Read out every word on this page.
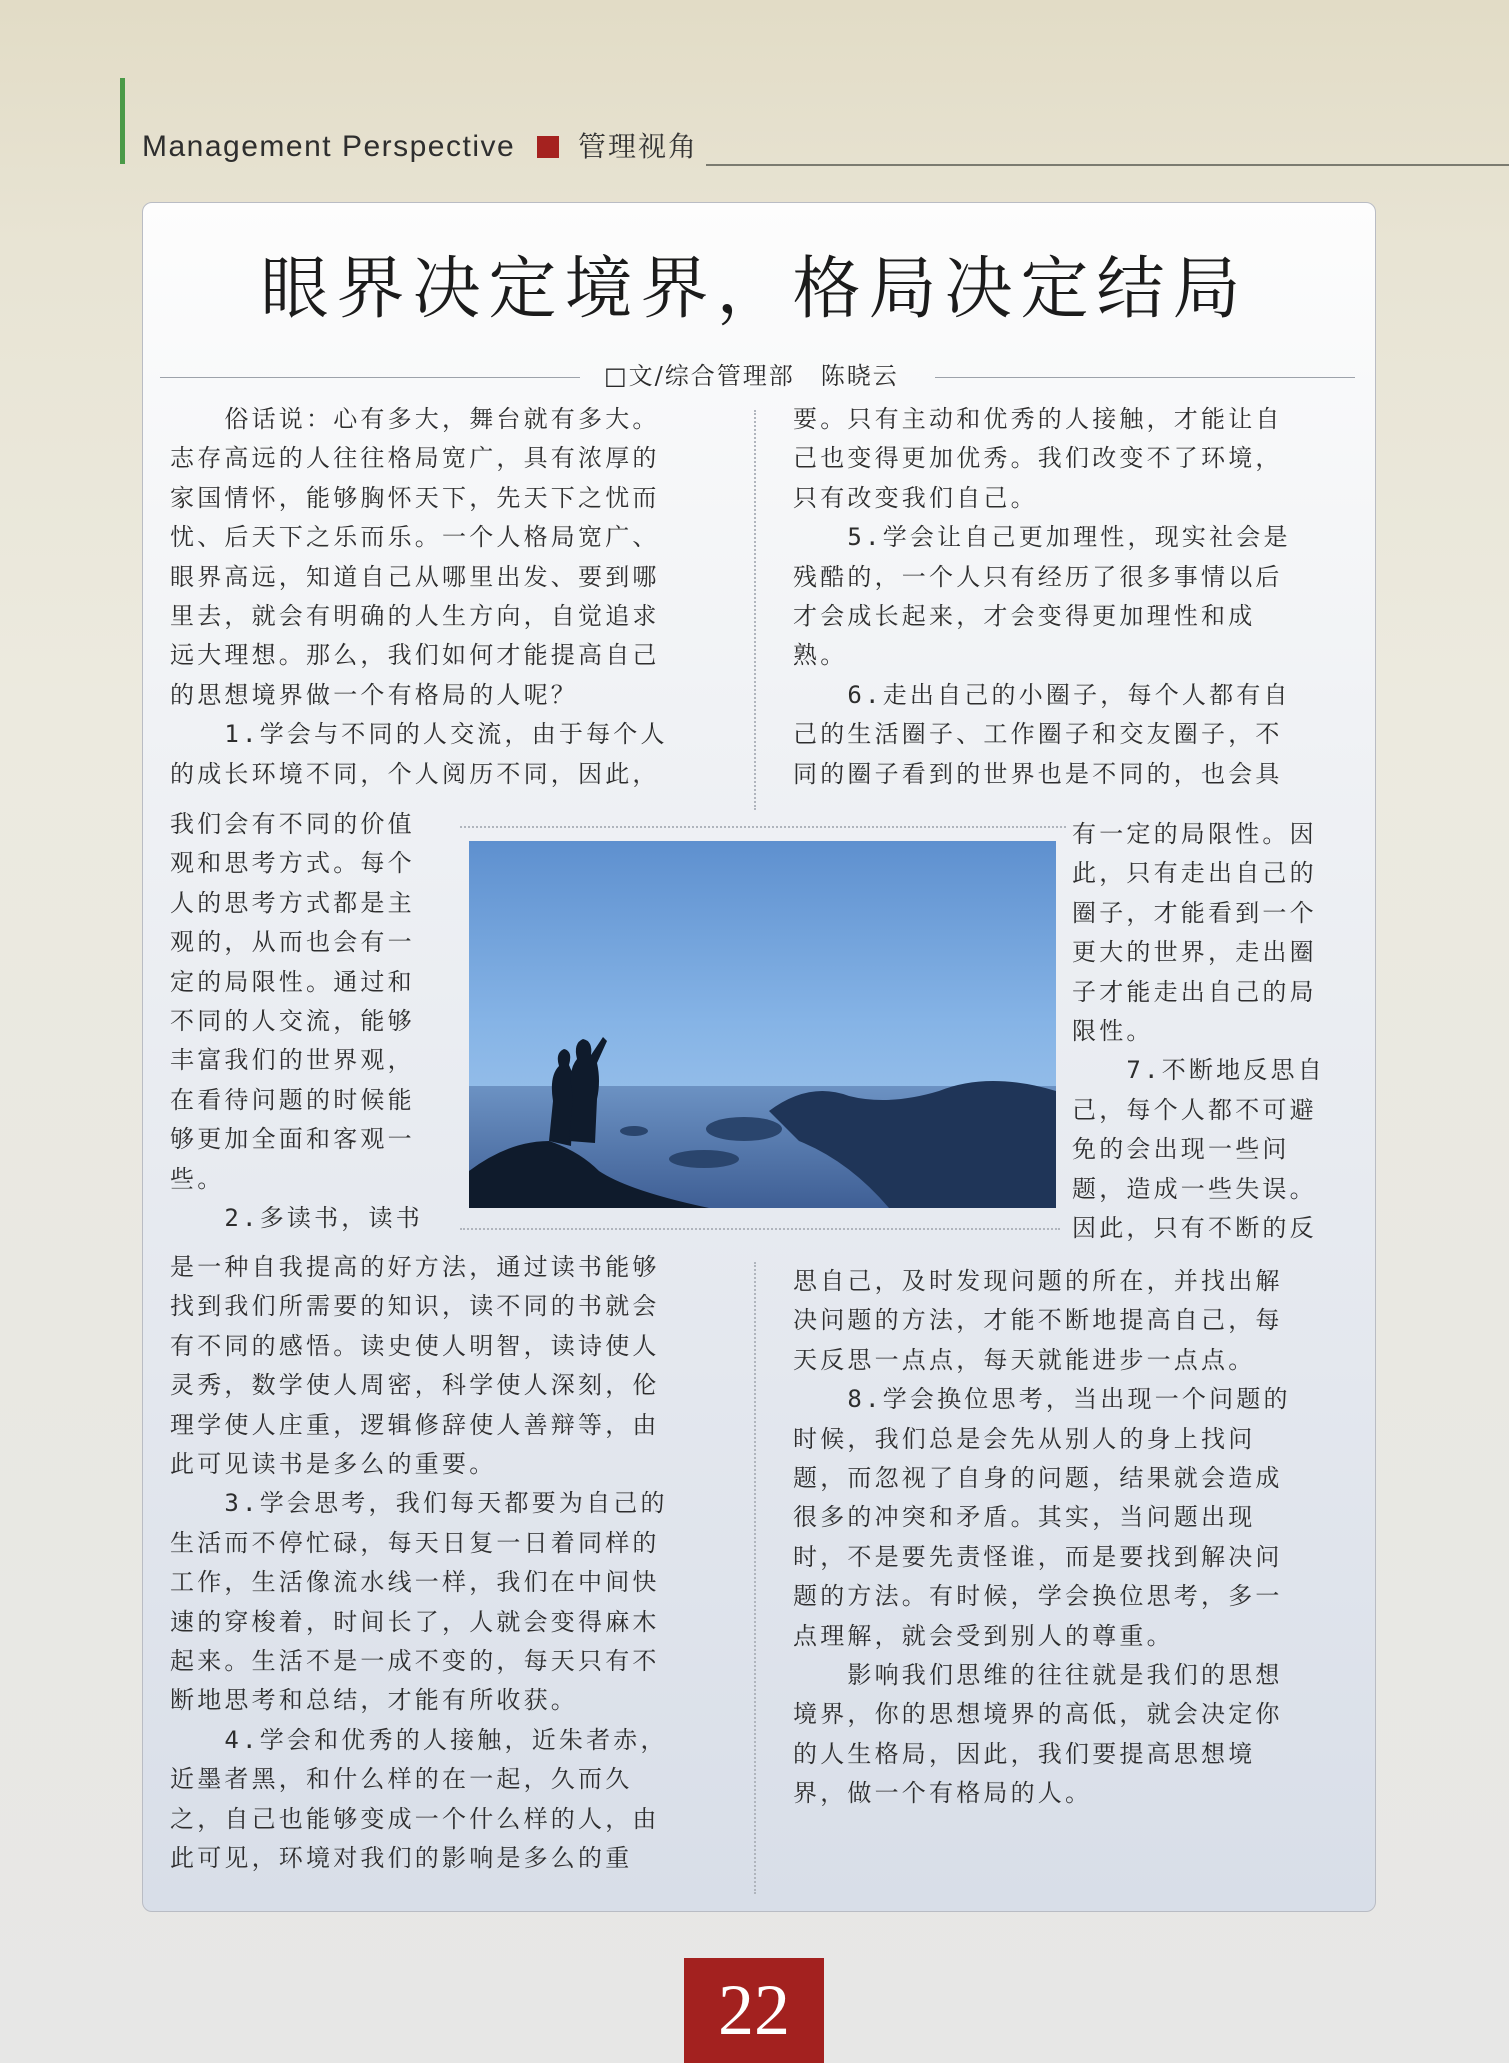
Management Perspective 管理视角
眼界决定境界，格局决定结局
□文/综合管理部　陈晓云
　　俗话说：心有多大，舞台就有多大。
志存高远的人往往格局宽广，具有浓厚的
家国情怀，能够胸怀天下，先天下之忧而
忧、后天下之乐而乐。一个人格局宽广、
眼界高远，知道自己从哪里出发、要到哪
里去，就会有明确的人生方向，自觉追求
远大理想。那么，我们如何才能提高自己
的思想境界做一个有格局的人呢？
　　1.学会与不同的人交流，由于每个人
的成长环境不同，个人阅历不同，因此，
我们会有不同的价值
观和思考方式。每个
人的思考方式都是主
观的，从而也会有一
定的局限性。通过和
不同的人交流，能够
丰富我们的世界观，
在看待问题的时候能
够更加全面和客观一
些。
　　2.多读书，读书
是一种自我提高的好方法，通过读书能够
找到我们所需要的知识，读不同的书就会
有不同的感悟。读史使人明智，读诗使人
灵秀，数学使人周密，科学使人深刻，伦
理学使人庄重，逻辑修辞使人善辩等，由
此可见读书是多么的重要。
　　3.学会思考，我们每天都要为自己的
生活而不停忙碌，每天日复一日着同样的
工作，生活像流水线一样，我们在中间快
速的穿梭着，时间长了，人就会变得麻木
起来。生活不是一成不变的，每天只有不
断地思考和总结，才能有所收获。
　　4.学会和优秀的人接触，近朱者赤，
近墨者黑，和什么样的在一起，久而久
之，自己也能够变成一个什么样的人，由
此可见，环境对我们的影响是多么的重
要。只有主动和优秀的人接触，才能让自
己也变得更加优秀。我们改变不了环境，
只有改变我们自己。
　　5.学会让自己更加理性，现实社会是
残酷的，一个人只有经历了很多事情以后
才会成长起来，才会变得更加理性和成
熟。
　　6.走出自己的小圈子，每个人都有自
己的生活圈子、工作圈子和交友圈子，不
同的圈子看到的世界也是不同的，也会具
有一定的局限性。因
此，只有走出自己的
圈子，才能看到一个
更大的世界，走出圈
子才能走出自己的局
限性。
　　7.不断地反思自
己，每个人都不可避
免的会出现一些问
题，造成一些失误。
因此，只有不断的反
思自己，及时发现问题的所在，并找出解
决问题的方法，才能不断地提高自己，每
天反思一点点，每天就能进步一点点。
　　8.学会换位思考，当出现一个问题的
时候，我们总是会先从别人的身上找问
题，而忽视了自身的问题，结果就会造成
很多的冲突和矛盾。其实，当问题出现
时，不是要先责怪谁，而是要找到解决问
题的方法。有时候，学会换位思考，多一
点理解，就会受到别人的尊重。
　　影响我们思维的往往就是我们的思想
境界，你的思想境界的高低，就会决定你
的人生格局，因此，我们要提高思想境
界，做一个有格局的人。
22
